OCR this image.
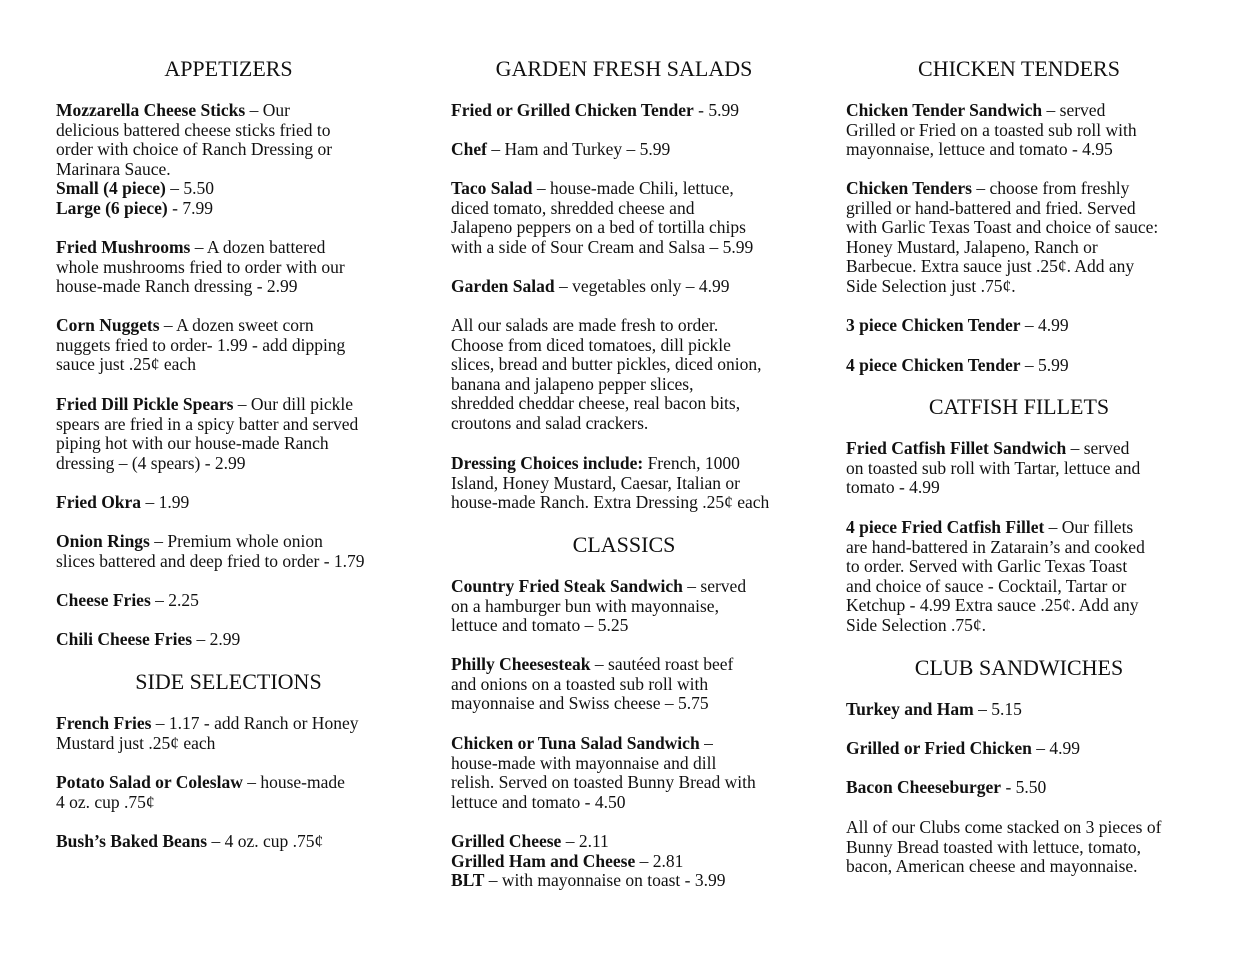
APPETIZERS
Mozzarella Cheese Sticks – Our
delicious battered cheese sticks fried to
order with choice of Ranch Dressing or
Marinara Sauce.
Small (4 piece) – 5.50
Large (6 piece) - 7.99
Fried Mushrooms – A dozen battered
whole mushrooms fried to order with our
house-made Ranch dressing - 2.99
Corn Nuggets – A dozen sweet corn
nuggets fried to order- 1.99 - add dipping
sauce just .25¢ each
Fried Dill Pickle Spears – Our dill pickle
spears are fried in a spicy batter and served
piping hot with our house-made Ranch
dressing – (4 spears) - 2.99
Fried Okra – 1.99
Onion Rings – Premium whole onion
slices battered and deep fried to order - 1.79
Cheese Fries – 2.25
Chili Cheese Fries – 2.99
SIDE SELECTIONS
French Fries – 1.17 - add Ranch or Honey
Mustard just .25¢ each
Potato Salad or Coleslaw – house-made
4 oz. cup .75¢
Bush’s Baked Beans – 4 oz. cup .75¢
GARDEN FRESH SALADS
Fried or Grilled Chicken Tender - 5.99
Chef – Ham and Turkey – 5.99
Taco Salad – house-made Chili, lettuce,
diced tomato, shredded cheese and
Jalapeno peppers on a bed of tortilla chips
with a side of Sour Cream and Salsa – 5.99
Garden Salad – vegetables only – 4.99
All our salads are made fresh to order.
Choose from diced tomatoes, dill pickle
slices, bread and butter pickles, diced onion,
banana and jalapeno pepper slices,
shredded cheddar cheese, real bacon bits,
croutons and salad crackers.
Dressing Choices include: French, 1000
Island, Honey Mustard, Caesar, Italian or
house-made Ranch. Extra Dressing .25¢ each
CLASSICS
Country Fried Steak Sandwich – served
on a hamburger bun with mayonnaise,
lettuce and tomato – 5.25
Philly Cheesesteak – sautéed roast beef
and onions on a toasted sub roll with
mayonnaise and Swiss cheese – 5.75
Chicken or Tuna Salad Sandwich –
house-made with mayonnaise and dill
relish. Served on toasted Bunny Bread with
lettuce and tomato - 4.50
Grilled Cheese – 2.11
Grilled Ham and Cheese – 2.81
BLT – with mayonnaise on toast - 3.99
CHICKEN TENDERS
Chicken Tender Sandwich – served
Grilled or Fried on a toasted sub roll with
mayonnaise, lettuce and tomato - 4.95
Chicken Tenders – choose from freshly
grilled or hand-battered and fried. Served
with Garlic Texas Toast and choice of sauce:
Honey Mustard, Jalapeno, Ranch or
Barbecue. Extra sauce just .25¢. Add any
Side Selection just .75¢.
3 piece Chicken Tender – 4.99
4 piece Chicken Tender – 5.99
CATFISH FILLETS
Fried Catfish Fillet Sandwich – served
on toasted sub roll with Tartar, lettuce and
tomato - 4.99
4 piece Fried Catfish Fillet – Our fillets
are hand-battered in Zatarain’s and cooked
to order. Served with Garlic Texas Toast
and choice of sauce - Cocktail, Tartar or
Ketchup - 4.99 Extra sauce .25¢. Add any
Side Selection .75¢.
CLUB SANDWICHES
Turkey and Ham – 5.15
Grilled or Fried Chicken – 4.99
Bacon Cheeseburger - 5.50
All of our Clubs come stacked on 3 pieces of
Bunny Bread toasted with lettuce, tomato,
bacon, American cheese and mayonnaise.
